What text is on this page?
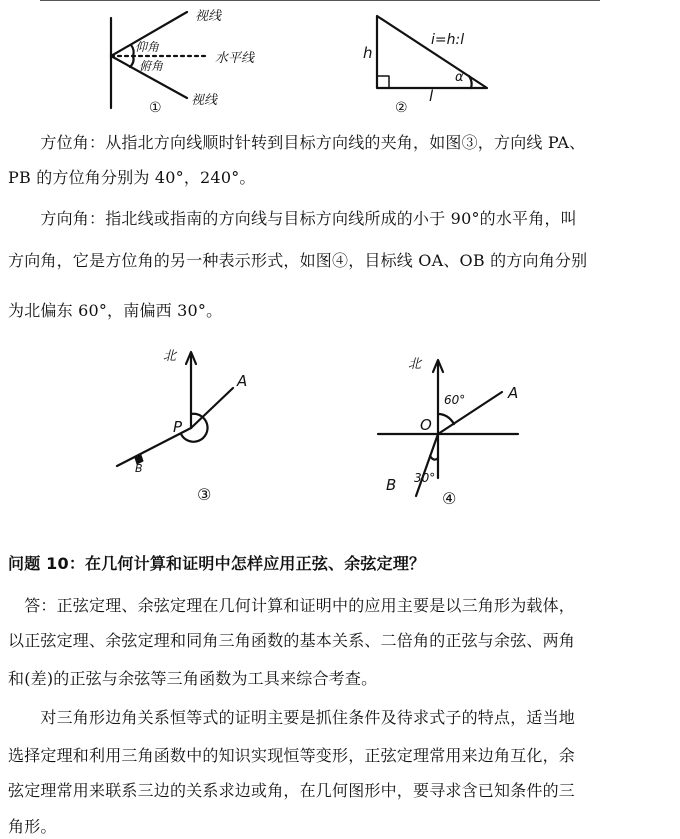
视线
仰角
俯角	水平线
视线
①
h
i=h:l
α
l
②

　　方位角：从指北方向线顺时针转到目标方向线的夹角，如图③，方向线 PA、

PB 的方位角分别为 40°，240°。

　　方向角：指北线或指南的方向线与目标方向线所成的小于 90°的水平角，叫

方向角，它是方位角的另一种表示形式，如图④，目标线 OA、OB 的方向角分别

为北偏东 60°，南偏西 30°。

北
A
P
B
③
北
60°	A
O
30°
B
④

问题 10：在几何计算和证明中怎样应用正弦、余弦定理？

　答：正弦定理、余弦定理在几何计算和证明中的应用主要是以三角形为载体，

以正弦定理、余弦定理和同角三角函数的基本关系、二倍角的正弦与余弦、两角

和(差)的正弦与余弦等三角函数为工具来综合考查。

　　对三角形边角关系恒等式的证明主要是抓住条件及待求式子的特点，适当地

选择定理和利用三角函数中的知识实现恒等变形，正弦定理常用来边角互化，余

弦定理常用来联系三边的关系求边或角，在几何图形中，要寻求含已知条件的三

角形。
